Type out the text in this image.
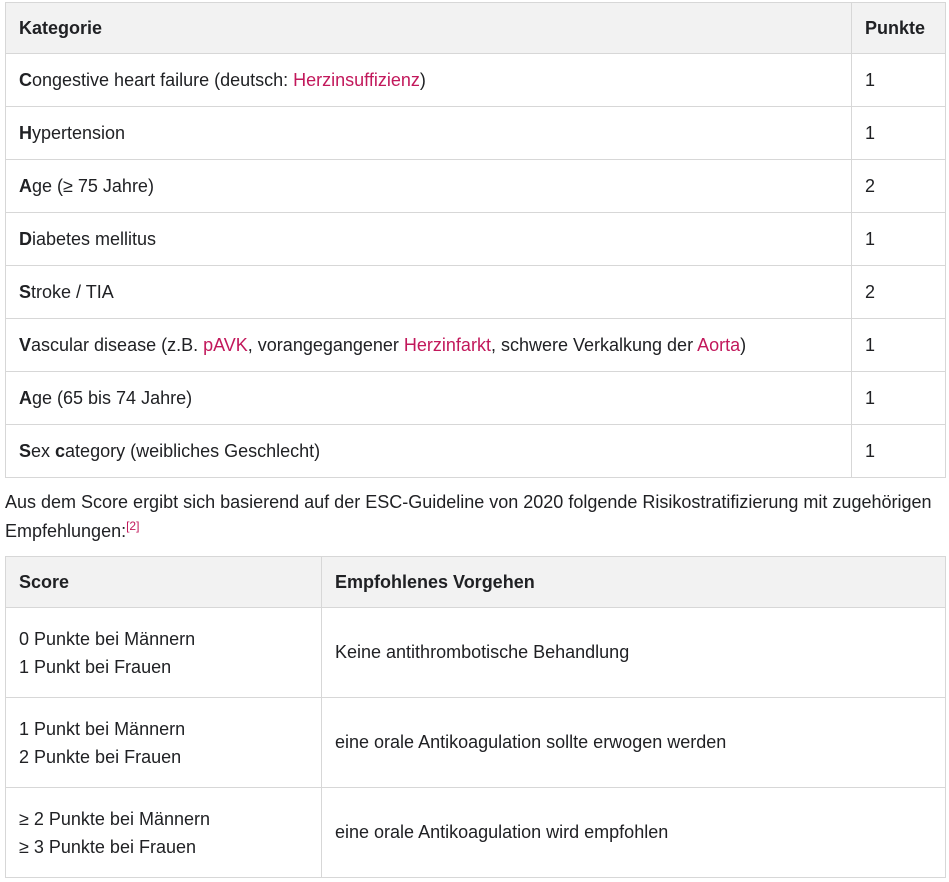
Kategorie	Punkte
Congestive heart failure (deutsch: Herzinsuffizienz)	1
Hypertension	1
Age (≥ 75 Jahre)	2
Diabetes mellitus	1
Stroke / TIA	2
Vascular disease (z.B. pAVK, vorangegangener Herzinfarkt, schwere Verkalkung der Aorta)	1
Age (65 bis 74 Jahre)	1
Sex category (weibliches Geschlecht)	1

Aus dem Score ergibt sich basierend auf der ESC-Guideline von 2020 folgende Risikostratifizierung mit zugehörigen Empfehlungen:[2]

Score	Empfohlenes Vorgehen

0 Punkte bei Männern
1 Punkt bei Frauen	Keine antithrombotische Behandlung

1 Punkt bei Männern
2 Punkte bei Frauen	eine orale Antikoagulation sollte erwogen werden

≥ 2 Punkte bei Männern
≥ 3 Punkte bei Frauen	eine orale Antikoagulation wird empfohlen
